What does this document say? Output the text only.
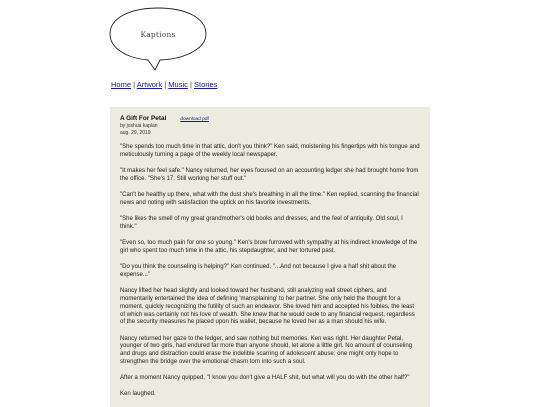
Kaptions
Home | Artwork | Music | Stories
A Gift For Petal	download pdf
by joshua kaplan
aug. 29, 2019

"She spends too much time in that attic, don't you think?" Ken said, moistening his fingertips with his tongue and meticulously turning a page of the weekly local newspaper.

"It makes her feel safe." Nancy returned, her eyes focused on an accounting ledger she had brought home from the office. "She's 17. Still working her stuff out."

"Can't be healthy up there, what with the dust she's breathing in all the time." Ken replied, scanning the financial news and noting with satisfaction the uptick on his favorite investments.

"She likes the smell of my great grandmother's old books and dresses, and the feel of antiquity. Old soul, I think."

"Even so, too much pain for one so young." Ken's brow furrowed with sympathy at his indirect knowledge of the girl who spent too much time in the attic, his stepdaughter, and her tortured past.

"Do you think the counseling is helping?" Ken continued. "...And not because I give a half shit about the expense..."

Nancy lifted her head slightly and looked toward her husband, still analyzing wall street ciphers, and momentarily entertained the idea of defining 'mansplaining' to her partner. She only held the thought for a moment, quickly recognizing the futility of such an endeavor. She loved him and accepted his foibles, the least of which was certainly not his love of wealth. She knew that he would cede to any financial request, regardless of the security measures he placed upon his wallet, because he loved her as a man should his wife.

Nancy returned her gaze to the ledger, and saw nothing but memories. Ken was right. Her daughter Petal, younger of two girls, had endured far more than anyone should, let alone a little girl. No amount of counseling and drugs and distraction could erase the indelible scarring of adolescent abuse; one might only hope to strengthen the bridge over the emotional chasm torn into such a soul.

After a moment Nancy quipped, "I know you don't give a HALF shit, but what will you do with the other half?"

Ken laughed.
